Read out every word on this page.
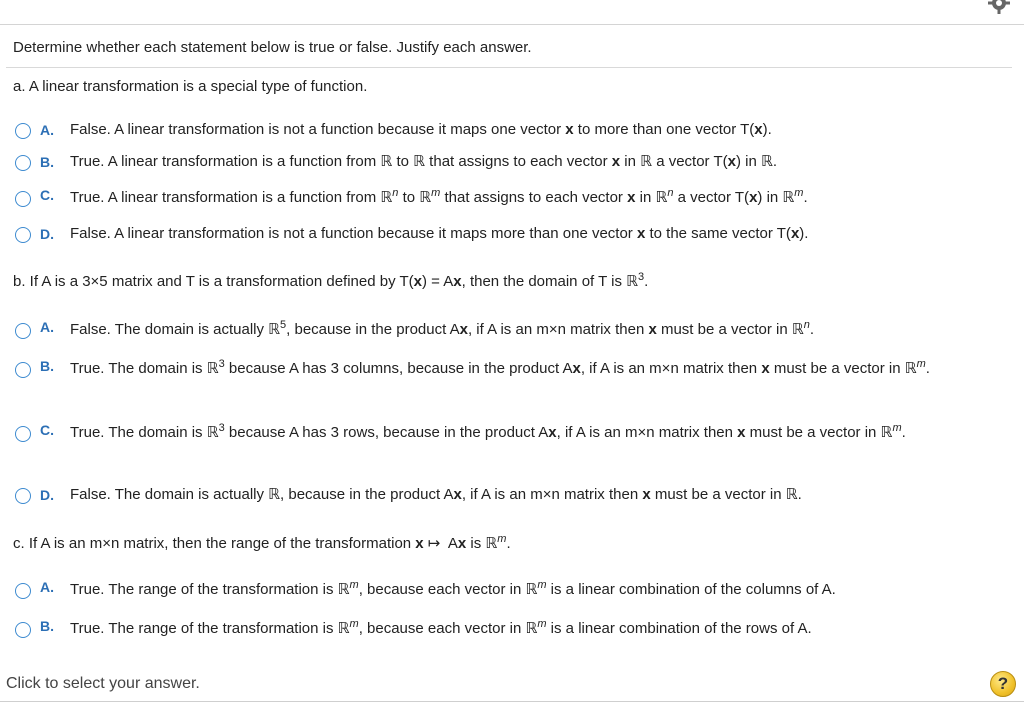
Determine whether each statement below is true or false. Justify each answer.
a. A linear transformation is a special type of function.
A.	False. A linear transformation is not a function because it maps one vector x to more than one vector T(x).
B.	True. A linear transformation is a function from ℝ to ℝ that assigns to each vector x in ℝ a vector T(x) in ℝ.
C.	True. A linear transformation is a function from ℝ$^n$ to ℝ$^m$ that assigns to each vector x in ℝ$^n$ a vector T(x) in ℝ$^m$.
D.	False. A linear transformation is not a function because it maps more than one vector x to the same vector T(x).
b. If A is a 3×5 matrix and T is a transformation defined by T(x) = Ax, then the domain of T is ℝ$^3$.
A.	False. The domain is actually ℝ$^5$, because in the product Ax, if A is an m×n matrix then x must be a vector in ℝ$^n$.
B.	True. The domain is ℝ$^3$ because A has 3 columns, because in the product Ax, if A is an m×n matrix then x must be a vector in ℝ$^m$.
C.	True. The domain is ℝ$^3$ because A has 3 rows, because in the product Ax, if A is an m×n matrix then x must be a vector in ℝ$^m$.
D.	False. The domain is actually ℝ, because in the product Ax, if A is an m×n matrix then x must be a vector in ℝ.
c. If A is an m×n matrix, then the range of the transformation x ↦  Ax is ℝ$^m$.
A.	True. The range of the transformation is ℝ$^m$, because each vector in ℝ$^m$ is a linear combination of the columns of A.
B.	True. The range of the transformation is ℝ$^m$, because each vector in ℝ$^m$ is a linear combination of the rows of A.
Click to select your answer.	?
